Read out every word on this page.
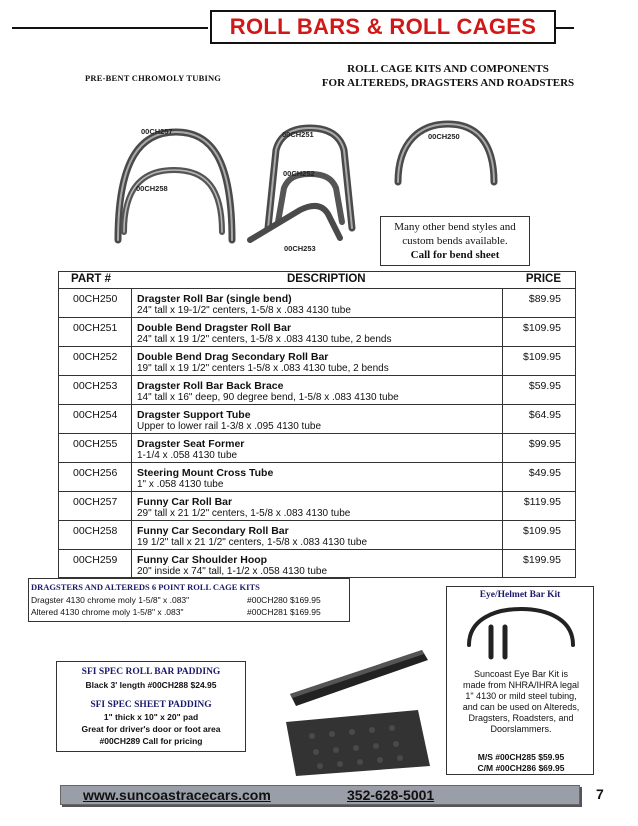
ROLL BARS & ROLL CAGES
PRE-BENT CHROMOLY TUBING
ROLL CAGE KITS AND COMPONENTS
FOR ALTEREDS, DRAGSTERS AND ROADSTERS
00CH257	00CH251	00CH250
00CH252
00CH258
00CH253
Many other bend styles and
custom bends available.
Call for bend sheet
PART #	DESCRIPTION	PRICE
00CH250 Dragster Roll Bar (single bend)
24" tall x 19-1/2" centers, 1-5/8 x .083 4130 tube
$89.95
00CH251 Double Bend Dragster Roll Bar
24" tall x 19 1/2" centers, 1-5/8 x .083 4130 tube, 2 bends
$109.95
00CH252 Double Bend Drag Secondary Roll Bar
19" tall x 19 1/2" centers 1-5/8 x .083 4130 tube, 2 bends
$109.95
00CH253 Dragster Roll Bar Back Brace
14" tall x 16" deep, 90 degree bend, 1-5/8 x .083 4130 tube
$59.95
00CH254 Dragster Support Tube
Upper to lower rail 1-3/8 x .095 4130 tube
$64.95
00CH255 Dragster Seat Former
1-1/4 x .058 4130 tube
$99.95
00CH256 Steering Mount Cross Tube
1" x .058 4130 tube
$49.95
00CH257 Funny Car Roll Bar
29" tall x 21 1/2" centers, 1-5/8 x .083 4130 tube
$119.95
00CH258 Funny Car Secondary Roll Bar
19 1/2" tall x 21 1/2" centers, 1-5/8 x .083 4130 tube
$109.95
00CH259 Funny Car Shoulder Hoop
20" inside x 74" tall, 1-1/2 x .058 4130 tube
$199.95
DRAGSTERS AND ALTEREDS 6 POINT ROLL CAGE KITS
Dragster 4130 chrome moly 1-5/8" x .083"	#00CH280 $169.95
Altered 4130 chrome moly 1-5/8" x .083"	#00CH281 $169.95
Eye/Helmet Bar Kit
Suncoast Eye Bar Kit is
made from NHRA/IHRA legal
1" 4130 or mild steel tubing,
and can be used on Altereds,
Dragsters, Roadsters, and
Doorslammers.
M/S #00CH285 $59.95
C/M #00CH286 $69.95
SFI SPEC ROLL BAR PADDING
Black 3' length #00CH288 $24.95
SFI SPEC SHEET PADDING
1" thick x 10" x 20" pad
Great for driver's door or foot area
#00CH289 Call for pricing
www.suncoastracecars.com	352-628-5001	7
